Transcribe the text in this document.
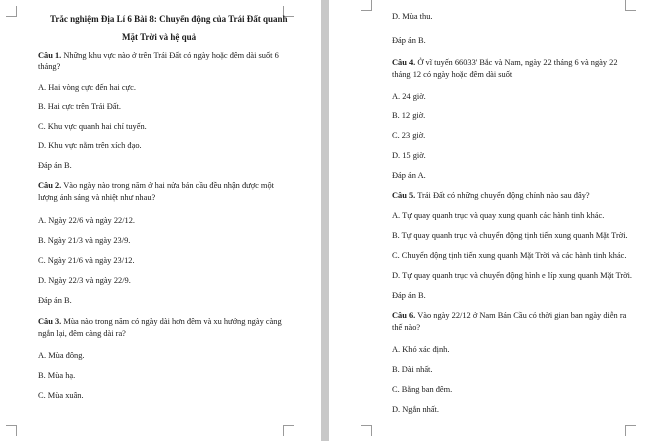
Trắc nghiệm Địa Lí 6 Bài 8: Chuyển động của Trái Đất quanh
Mặt Trời và hệ quả
Câu 1. Những khu vực nào ở trên Trái Đất có ngày hoặc đêm dài suốt 6
tháng?
A. Hai vòng cực đến hai cực.
B. Hai cực trên Trái Đất.
C. Khu vực quanh hai chí tuyến.
D. Khu vực nằm trên xích đạo.
Đáp án B.
Câu 2. Vào ngày nào trong năm ở hai nửa bán cầu đều nhận được một
lượng ánh sáng và nhiệt như nhau?
A. Ngày 22/6 và ngày 22/12.
B. Ngày 21/3 và ngày 23/9.
C. Ngày 21/6 và ngày 23/12.
D. Ngày 22/3 và ngày 22/9.
Đáp án B.
Câu 3. Mùa nào trong năm có ngày dài hơn đêm và xu hướng ngày càng
ngắn lại, đêm càng dài ra?
A. Mùa đông.
B. Mùa hạ.
C. Mùa xuân.
D. Mùa thu.
Đáp án B.
Câu 4. Ở vĩ tuyến 66033' Bắc và Nam, ngày 22 tháng 6 và ngày 22
tháng 12 có ngày hoặc đêm dài suốt
A. 24 giờ.
B. 12 giờ.
C. 23 giờ.
D. 15 giờ.
Đáp án A.
Câu 5. Trái Đất có những chuyển động chính nào sau đây?
A. Tự quay quanh trục và quay xung quanh các hành tinh khác.
B. Tự quay quanh trục và chuyển động tịnh tiến xung quanh Mặt Trời.
C. Chuyển động tịnh tiến xung quanh Mặt Trời và các hành tinh khác.
D. Tự quay quanh trục và chuyển động hình e líp xung quanh Mặt Trời.
Đáp án B.
Câu 6. Vào ngày 22/12 ở Nam Bán Cầu có thời gian ban ngày diễn ra
thế nào?
A. Khó xác định.
B. Dài nhất.
C. Bằng ban đêm.
D. Ngắn nhất.
